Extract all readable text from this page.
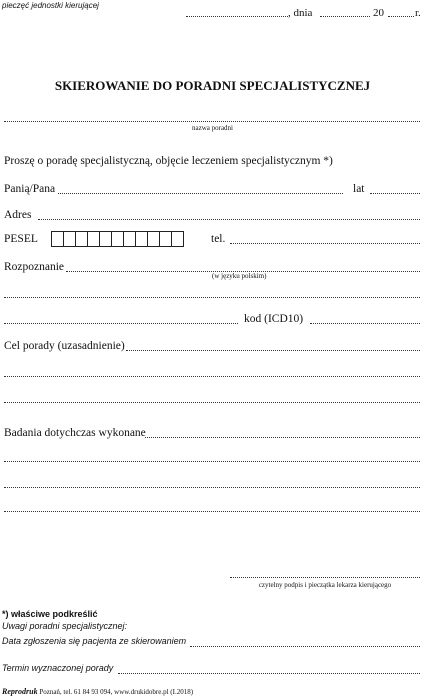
pieczęć jednostki kierującej
, dnia	20	r.
SKIEROWANIE DO PORADNI SPECJALISTYCZNEJ
nazwa poradni
Proszę o poradę specjalistyczną, objęcie leczeniem specjalistycznym *)
Panią/Pana	lat
Adres
PESEL	tel.
Rozpoznanie
(w języku polskim)
kod (ICD10)
Cel porady (uzasadnienie)
Badania dotychczas wykonane
czytelny podpis i pieczątka lekarza kierującego
*) właściwe podkreślić
Uwagi poradni specjalistycznej:
Data zgłoszenia się pacjenta ze skierowaniem
Termin wyznaczonej porady
Reprodruk Poznań, tel. 61 84 93 094, www.drukidobre.pl (I.2018)
